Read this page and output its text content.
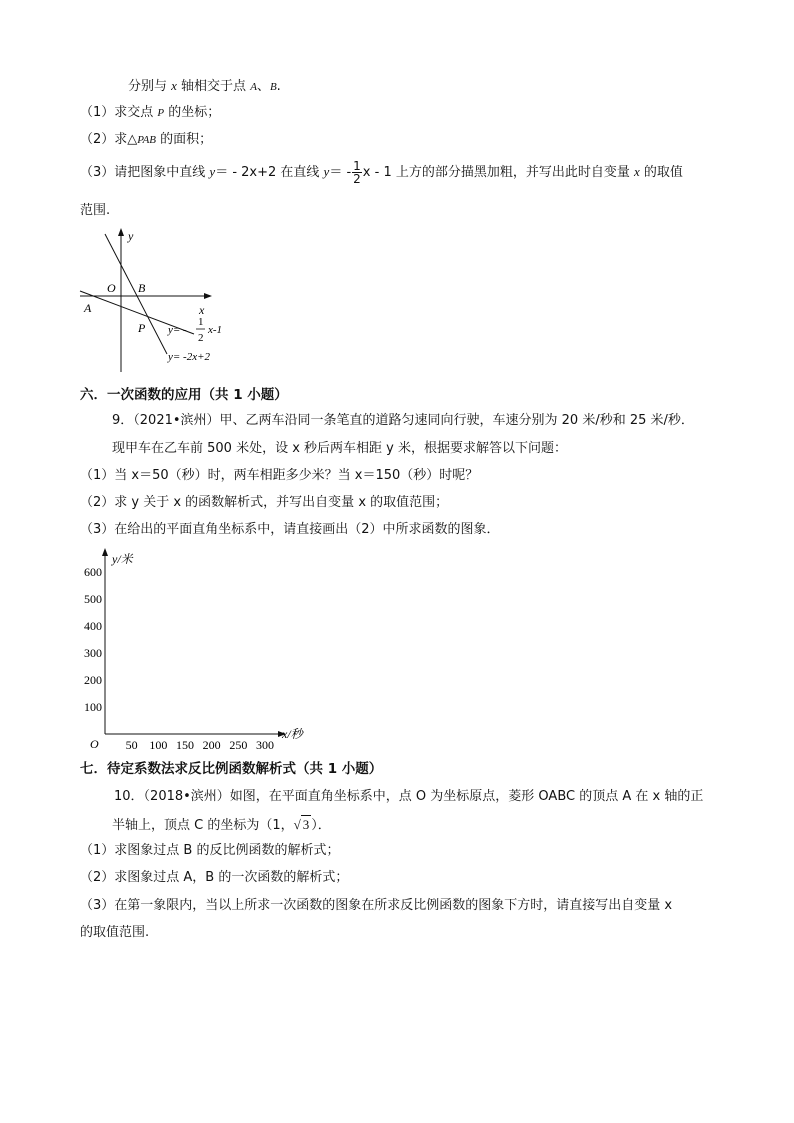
分别与 x 轴相交于点 A、B.
（1）求交点 P 的坐标；
（2）求△PAB 的面积；
（3）请把图象中直线 y＝ - 2x+2 在直线 $y= - \frac{1}{2}$ x - 1 上方的部分描黑加粗，并写出此时自变量 x 的取值
范围.
y
x
O B
A
P y= -
1
2
x-1
y= -2x+2
六．一次函数的应用（共 1 小题）
9．（2021•滨州）甲、乙两车沿同一条笔直的道路匀速同向行驶，车速分别为 20 米/秒和 25 米/秒．
现甲车在乙车前 500 米处，设 x 秒后两车相距 y 米，根据要求解答以下问题：
（1）当 x＝50（秒）时，两车相距多少米？当 x＝150（秒）时呢？
（2）求 y 关于 x 的函数解析式，并写出自变量 x 的取值范围；
（3）在给出的平面直角坐标系中，请直接画出（2）中所求函数的图象．
y/米
x/秒
O 50 100 150 200 250 300
100
200
300
400
500
600
七．待定系数法求反比例函数解析式（共 1 小题）
10．（2018•滨州）如图，在平面直角坐标系中，点 O 为坐标原点，菱形 OABC 的顶点 A 在 x 轴的正
半轴上，顶点 C 的坐标为（1，√ 3 ）．
（1）求图象过点 B 的反比例函数的解析式；
（2）求图象过点 A，B 的一次函数的解析式；
（3）在第一象限内，当以上所求一次函数的图象在所求反比例函数的图象下方时，请直接写出自变量 x
的取值范围.
